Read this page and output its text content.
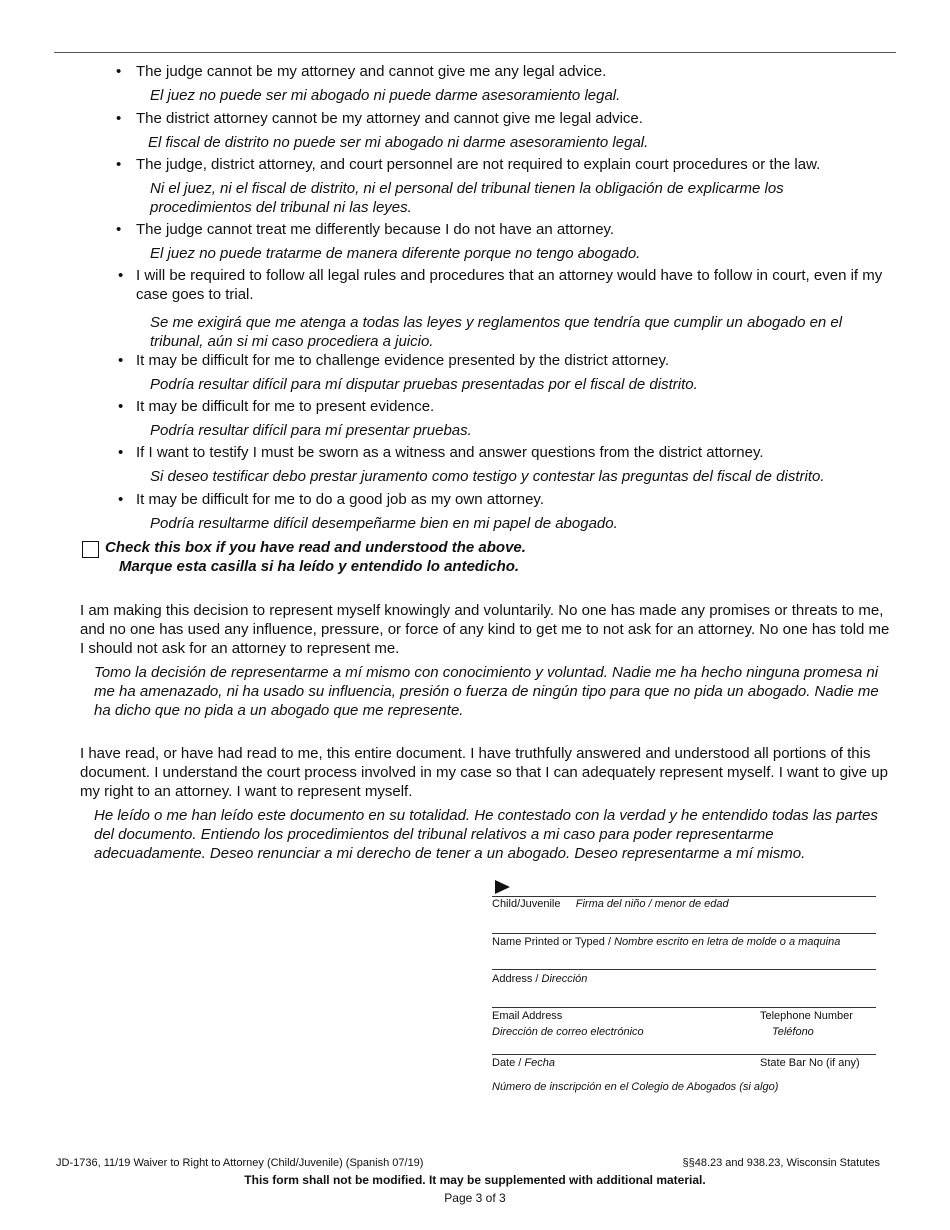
• The judge cannot be my attorney and cannot give me any legal advice.
El juez no puede ser mi abogado ni puede darme asesoramiento legal.
• The district attorney cannot be my attorney and cannot give me legal advice.
El fiscal de distrito no puede ser mi abogado ni darme asesoramiento legal.
• The judge, district attorney, and court personnel are not required to explain court procedures or the law.
Ni el juez, ni el fiscal de distrito, ni el personal del tribunal tienen la obligación de explicarme los procedimientos del tribunal ni las leyes.
• The judge cannot treat me differently because I do not have an attorney.
El juez no puede tratarme de manera diferente porque no tengo abogado.
• I will be required to follow all legal rules and procedures that an attorney would have to follow in court, even if my case goes to trial.
Se me exigirá que me atenga a todas las leyes y reglamentos que tendría que cumplir un abogado en el tribunal, aún si mi caso procediera a juicio.
• It may be difficult for me to challenge evidence presented by the district attorney.
Podría resultar difícil para mí disputar pruebas presentadas por el fiscal de distrito.
• It may be difficult for me to present evidence.
Podría resultar difícil para mí presentar pruebas.
• If I want to testify I must be sworn as a witness and answer questions from the district attorney.
Si deseo testificar debo prestar juramento como testigo y contestar las preguntas del fiscal de distrito.
• It may be difficult for me to do a good job as my own attorney.
Podría resultarme difícil desempeñarme bien en mi papel de abogado.
Check this box if you have read and understood the above.
Marque esta casilla si ha leído y entendido lo antedicho.
I am making this decision to represent myself knowingly and voluntarily. No one has made any promises or threats to me, and no one has used any influence, pressure, or force of any kind to get me to not ask for an attorney. No one has told me I should not ask for an attorney to represent me.
Tomo la decisión de representarme a mí mismo con conocimiento y voluntad. Nadie me ha hecho ninguna promesa ni me ha amenazado, ni ha usado su influencia, presión o fuerza de ningún tipo para que no pida un abogado. Nadie me ha dicho que no pida a un abogado que me represente.
I have read, or have had read to me, this entire document. I have truthfully answered and understood all portions of this document. I understand the court process involved in my case so that I can adequately represent myself. I want to give up my right to an attorney. I want to represent myself.
He leído o me han leído este documento en su totalidad. He contestado con la verdad y he entendido todas las partes del documento. Entiendo los procedimientos del tribunal relativos a mi caso para poder representarme adecuadamente. Deseo renunciar a mi derecho de tener a un abogado. Deseo representarme a mí mismo.
Child/Juvenile Firma del niño / menor de edad
Name Printed or Typed / Nombre escrito en letra de molde o a maquina
Address / Dirección
Email Address
Dirección de correo electrónico
Telephone Number
Teléfono
Date / Fecha	State Bar No (if any)
Número de inscripción en el Colegio de Abogados (si algo)
JD-1736, 11/19 Waiver to Right to Attorney (Child/Juvenile) (Spanish 07/19)	§§48.23 and 938.23, Wisconsin Statutes
This form shall not be modified. It may be supplemented with additional material.
Page 3 of 3
